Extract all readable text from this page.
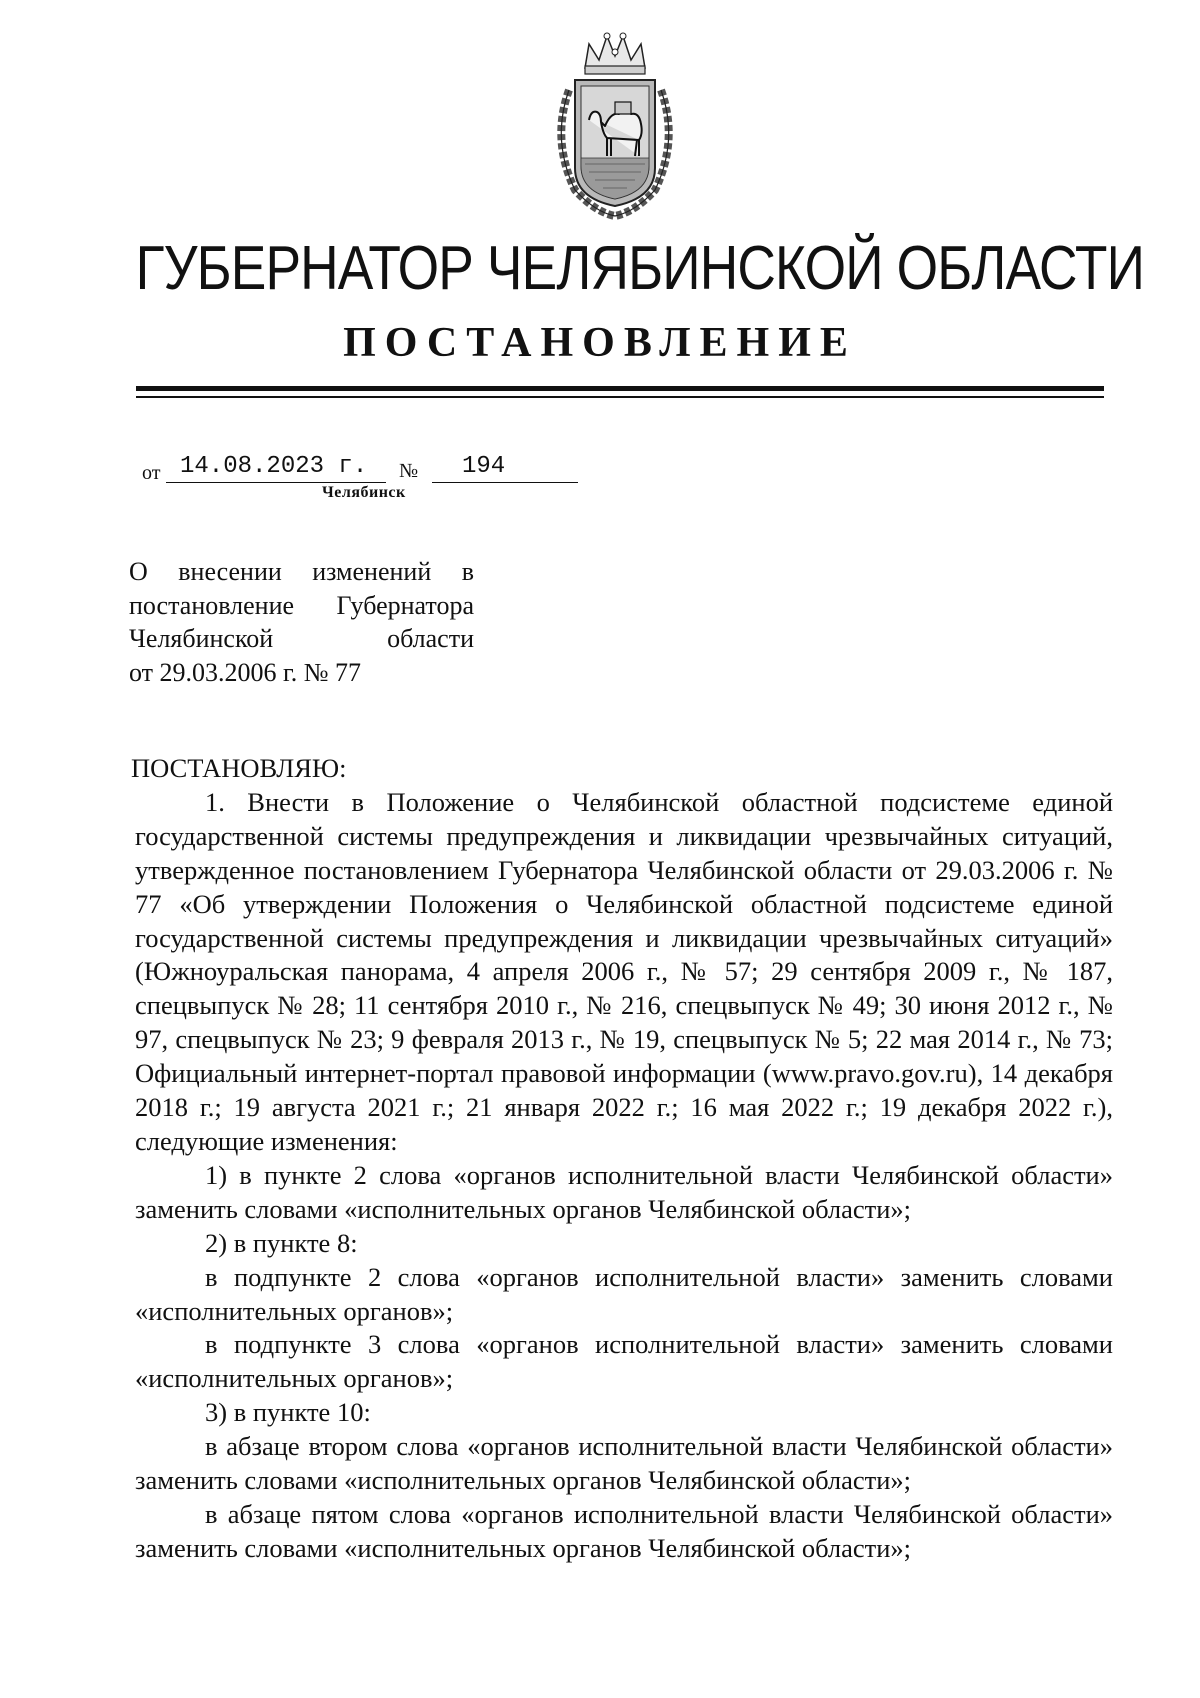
ГУБЕРНАТОР ЧЕЛЯБИНСКОЙ ОБЛАСТИ
ПОСТАНОВЛЕНИЕ
от 14.08.2023 г.	№	194
Челябинск
О внесении изменений в
постановление Губернатора
Челябинской области
от 29.03.2006 г. № 77
ПОСТАНОВЛЯЮ:

1. Внести в Положение о Челябинской областной подсистеме единой государственной системы предупреждения и ликвидации чрезвычайных ситуаций, утвержденное постановлением Губернатора Челябинской области от 29.03.2006 г. № 77 «Об утверждении Положения о Челябинской областной подсистеме единой государственной системы предупреждения и ликвидации чрезвычайных ситуаций» (Южноуральская панорама, 4 апреля 2006 г., № 57; 29 сентября 2009 г., № 187, спецвыпуск № 28; 11 сентября 2010 г., № 216, спецвыпуск № 49; 30 июня 2012 г., № 97, спецвыпуск № 23; 9 февраля 2013 г., № 19, спецвыпуск № 5; 22 мая 2014 г., № 73; Официальный интернет-портал правовой информации (www.pravo.gov.ru), 14 декабря 2018 г.; 19 августа 2021 г.; 21 января 2022 г.; 16 мая 2022 г.; 19 декабря 2022 г.), следующие изменения:

1) в пункте 2 слова «органов исполнительной власти Челябинской области» заменить словами «исполнительных органов Челябинской области»;

2) в пункте 8:

в подпункте 2 слова «органов исполнительной власти» заменить словами «исполнительных органов»;

в подпункте 3 слова «органов исполнительной власти» заменить словами «исполнительных органов»;

3) в пункте 10:

в абзаце втором слова «органов исполнительной власти Челябинской области» заменить словами «исполнительных органов Челябинской области»;

в абзаце пятом слова «органов исполнительной власти Челябинской области» заменить словами «исполнительных органов Челябинской области»;
